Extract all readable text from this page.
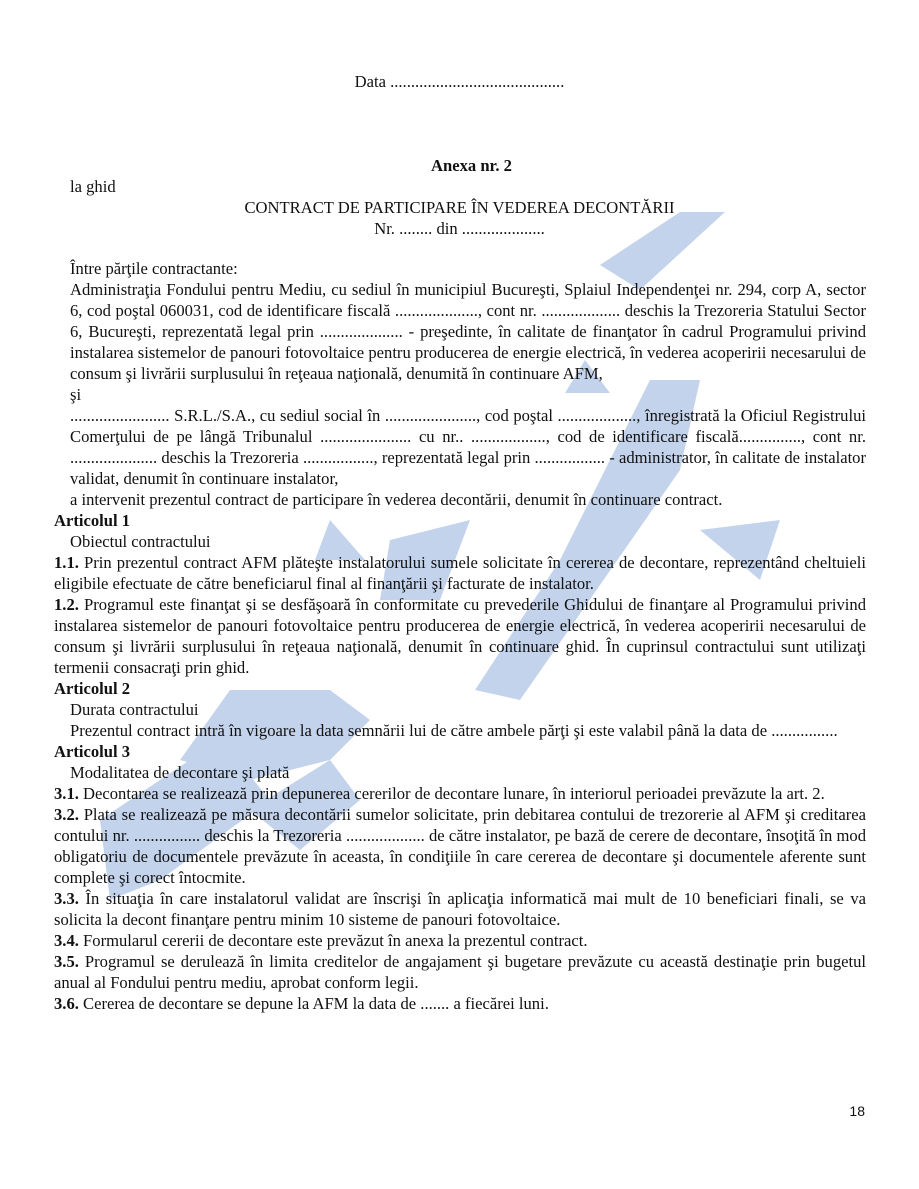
Data ..........................................
Anexa nr. 2
la ghid
CONTRACT DE PARTICIPARE ÎN VEDEREA DECONTĂRII
Nr. ........ din ....................

Între părţile contractante:

Administraţia Fondului pentru Mediu, cu sediul în municipiul Bucureşti, Splaiul Independenţei nr. 294, corp A, sector 6, cod poştal 060031, cod de identificare fiscală ...................., cont nr. ................... deschis la Trezoreria Statului Sector 6, Bucureşti, reprezentată legal prin .................... - preşedinte, în calitate de finanţator în cadrul Programului privind instalarea sistemelor de panouri fotovoltaice pentru producerea de energie electrică, în vederea acoperirii necesarului de consum şi livrării surplusului în reţeaua naţională, denumită în continuare AFM,

şi

........................ S.R.L./S.A., cu sediul social în ......................, cod poştal ..................., înregistrată la Oficiul Registrului Comerţului de pe lângă Tribunalul ...................... cu nr.. .................., cod de identificare fiscală..............., cont nr. ..................... deschis la Trezoreria ................., reprezentată legal prin ................. - administrator, în calitate de instalator validat, denumit în continuare instalator,

a intervenit prezentul contract de participare în vederea decontării, denumit în continuare contract.

Articolul 1

Obiectul contractului

1.1. Prin prezentul contract AFM plăteşte instalatorului sumele solicitate în cererea de decontare, reprezentând cheltuieli eligibile efectuate de către beneficiarul final al finanţării şi facturate de instalator.

1.2. Programul este finanţat şi se desfăşoară în conformitate cu prevederile Ghidului de finanţare al Programului privind instalarea sistemelor de panouri fotovoltaice pentru producerea de energie electrică, în vederea acoperirii necesarului de consum şi livrării surplusului în reţeaua naţională, denumit în continuare ghid. În cuprinsul contractului sunt utilizaţi termenii consacraţi prin ghid.

Articolul 2

Durata contractului

Prezentul contract intră în vigoare la data semnării lui de către ambele părţi şi este valabil până la data de ................

Articolul 3

Modalitatea de decontare şi plată

3.1. Decontarea se realizează prin depunerea cererilor de decontare lunare, în interiorul perioadei prevăzute la art. 2.

3.2. Plata se realizează pe măsura decontării sumelor solicitate, prin debitarea contului de trezorerie al AFM şi creditarea contului nr. ................ deschis la Trezoreria ................... de către instalator, pe bază de cerere de decontare, însoţită în mod obligatoriu de documentele prevăzute în aceasta, în condiţiile în care cererea de decontare şi documentele aferente sunt complete şi corect întocmite.

3.3. În situaţia în care instalatorul validat are înscrişi în aplicaţia informatică mai mult de 10 beneficiari finali, se va solicita la decont finanţare pentru minim 10 sisteme de panouri fotovoltaice.

3.4. Formularul cererii de decontare este prevăzut în anexa la prezentul contract.

3.5. Programul se derulează în limita creditelor de angajament şi bugetare prevăzute cu această destinaţie prin bugetul anual al Fondului pentru mediu, aprobat conform legii.

3.6. Cererea de decontare se depune la AFM la data de ....... a fiecărei luni.

18
